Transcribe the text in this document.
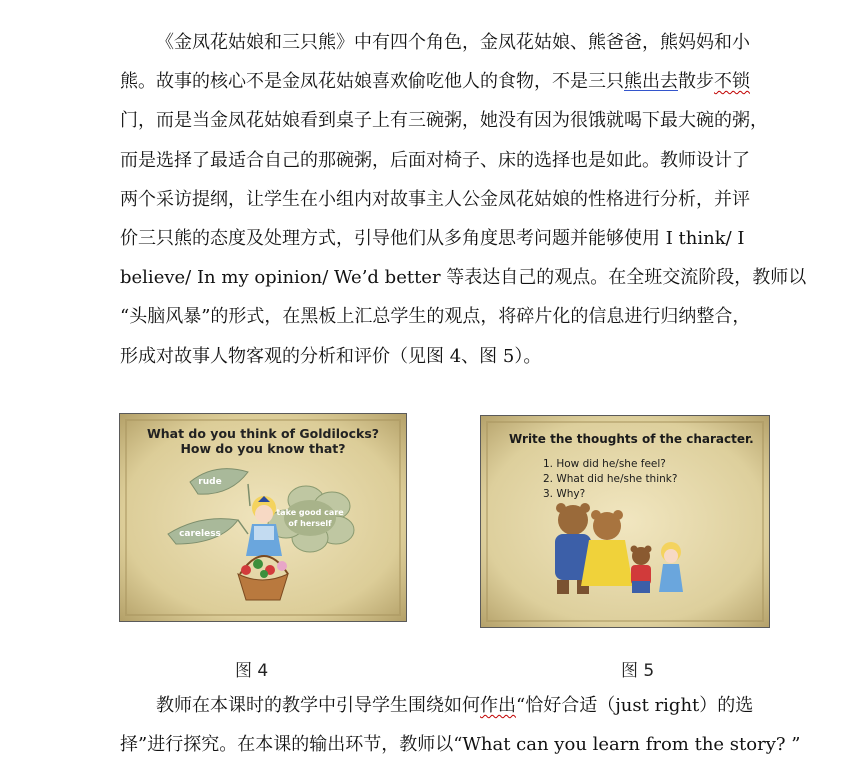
《金凤花姑娘和三只熊》中有四个角色，金凤花姑娘、熊爸爸，熊妈妈和小
熊。故事的核心不是金凤花姑娘喜欢偷吃他人的食物，不是三只熊出去散步不锁
门，而是当金凤花姑娘看到桌子上有三碗粥，她没有因为很饿就喝下最大碗的粥，
而是选择了最适合自己的那碗粥，后面对椅子、床的选择也是如此。教师设计了
两个采访提纲，让学生在小组内对故事主人公金凤花姑娘的性格进行分析，并评
价三只熊的态度及处理方式，引导他们从多角度思考问题并能够使用 I think/ I
believe/ In my opinion/ We’d better 等表达自己的观点。在全班交流阶段，教师以
“头脑风暴”的形式，在黑板上汇总学生的观点，将碎片化的信息进行归纳整合，
形成对故事人物客观的分析和评价（见图 4、图 5）。
What do you think of Goldilocks?
How do you know that?
rude
careless
take good care
of herself
Write the thoughts of the character.
1. How did he/she feel?
2. What did he/she think?
3. Why?
图 4	图 5
教师在本课时的教学中引导学生围绕如何作出“恰好合适（just right）的选
择”进行探究。在本课的输出环节，教师以“What can you learn from the story? ”
